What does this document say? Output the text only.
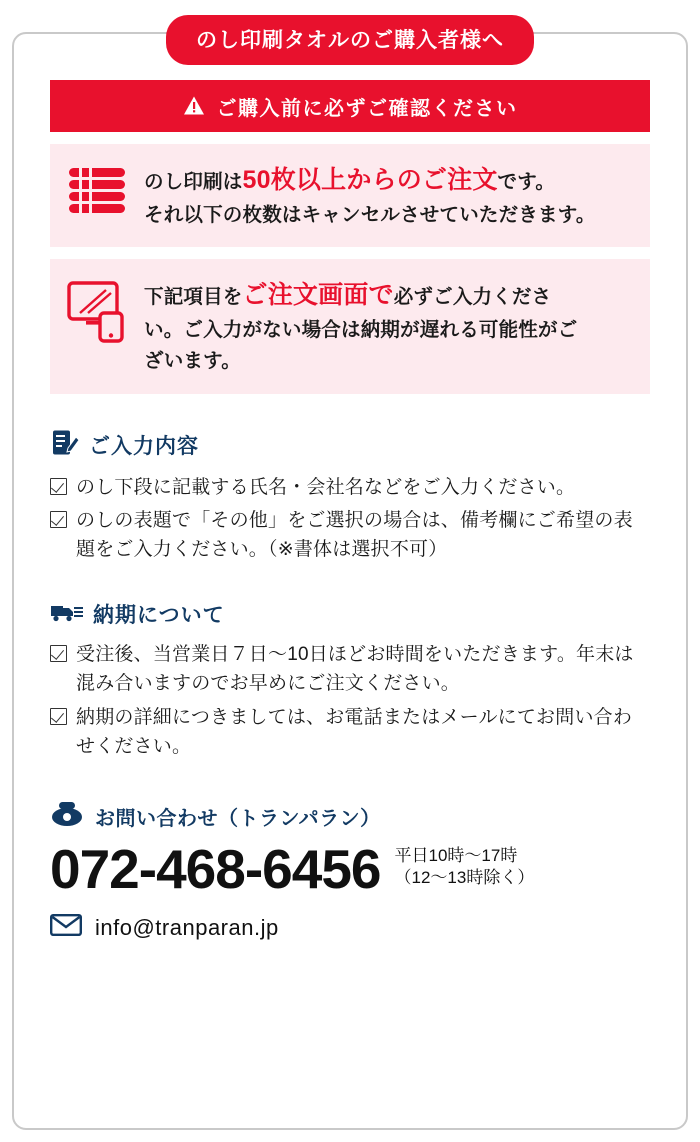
のし印刷タオルのご購入者様へ
ご購入前に必ずご確認ください
のし印刷は50枚以上からのご注文です。
それ以下の枚数はキャンセルさせていただきます。
下記項目をご注文画面で必ずご入力くださ
い。ご入力がない場合は納期が遅れる可能性がご
ざいます。
ご入力内容
のし下段に記載する氏名・会社名などをご入力ください。
のしの表題で「その他」をご選択の場合は、備考欄にご希望の表題をご入力ください。（※書体は選択不可）
納期について
受注後、当営業日７日〜10日ほどお時間をいただきます。年末は混み合いますのでお早めにご注文ください。
納期の詳細につきましては、お電話またはメールにてお問い合わせください。
お問い合わせ（トランパラン）
072-468-6456 平日10時〜17時
（12〜13時除く）
info@tranparan.jp
